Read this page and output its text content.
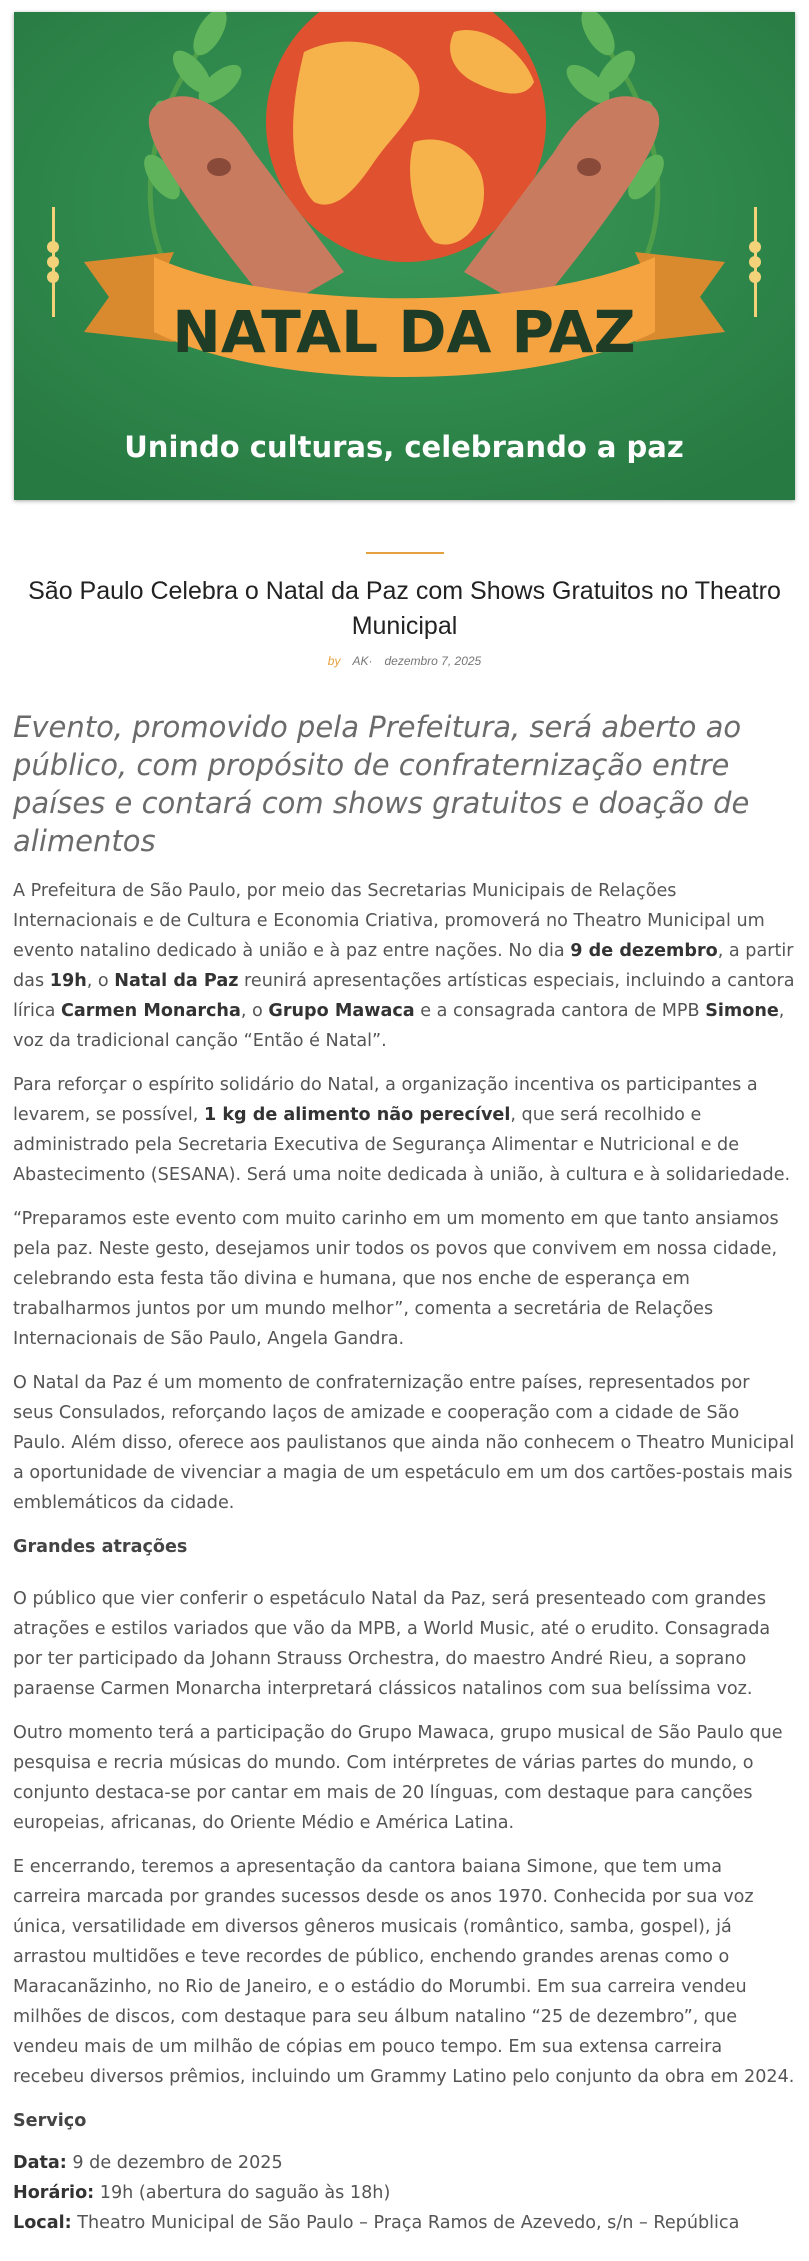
NATAL DA PAZ
Unindo culturas, celebrando a paz
São Paulo Celebra o Natal da Paz com Shows Gratuitos no Theatro Municipal
by AK· dezembro 7, 2025
Evento, promovido pela Prefeitura, será aberto ao público, com propósito de confraternização entre países e contará com shows gratuitos e doação de alimentos

A Prefeitura de São Paulo, por meio das Secretarias Municipais de Relações Internacionais e de Cultura e Economia Criativa, promoverá no Theatro Municipal um evento natalino dedicado à união e à paz entre nações. No dia 9 de dezembro, a partir das 19h, o Natal da Paz reunirá apresentações artísticas especiais, incluindo a cantora lírica Carmen Monarcha, o Grupo Mawaca e a consagrada cantora de MPB Simone, voz da tradicional canção “Então é Natal”.

Para reforçar o espírito solidário do Natal, a organização incentiva os participantes a levarem, se possível, 1 kg de alimento não perecível, que será recolhido e administrado pela Secretaria Executiva de Segurança Alimentar e Nutricional e de Abastecimento (SESANA). Será uma noite dedicada à união, à cultura e à solidariedade.

“Preparamos este evento com muito carinho em um momento em que tanto ansiamos pela paz. Neste gesto, desejamos unir todos os povos que convivem em nossa cidade, celebrando esta festa tão divina e humana, que nos enche de esperança em trabalharmos juntos por um mundo melhor”, comenta a secretária de Relações Internacionais de São Paulo, Angela Gandra.

O Natal da Paz é um momento de confraternização entre países, representados por seus Consulados, reforçando laços de amizade e cooperação com a cidade de São Paulo. Além disso, oferece aos paulistanos que ainda não conhecem o Theatro Municipal a oportunidade de vivenciar a magia de um espetáculo em um dos cartões-postais mais emblemáticos da cidade.

Grandes atrações

O público que vier conferir o espetáculo Natal da Paz, será presenteado com grandes atrações e estilos variados que vão da MPB, a World Music, até o erudito. Consagrada por ter participado da Johann Strauss Orchestra, do maestro André Rieu, a soprano paraense Carmen Monarcha interpretará clássicos natalinos com sua belíssima voz.

Outro momento terá a participação do Grupo Mawaca, grupo musical de São Paulo que pesquisa e recria músicas do mundo. Com intérpretes de várias partes do mundo, o conjunto destaca-se por cantar em mais de 20 línguas, com destaque para canções europeias, africanas, do Oriente Médio e América Latina.

E encerrando, teremos a apresentação da cantora baiana Simone, que tem uma carreira marcada por grandes sucessos desde os anos 1970. Conhecida por sua voz única, versatilidade em diversos gêneros musicais (romântico, samba, gospel), já arrastou multidões e teve recordes de público, enchendo grandes arenas como o Maracanãzinho, no Rio de Janeiro, e o estádio do Morumbi. Em sua carreira vendeu milhões de discos, com destaque para seu álbum natalino “25 de dezembro”, que vendeu mais de um milhão de cópias em pouco tempo. Em sua extensa carreira recebeu diversos prêmios, incluindo um Grammy Latino pelo conjunto da obra em 2024.

Serviço

Data: 9 de dezembro de 2025

Horário: 19h (abertura do saguão às 18h)

Local: Theatro Municipal de São Paulo – Praça Ramos de Azevedo, s/n – República
